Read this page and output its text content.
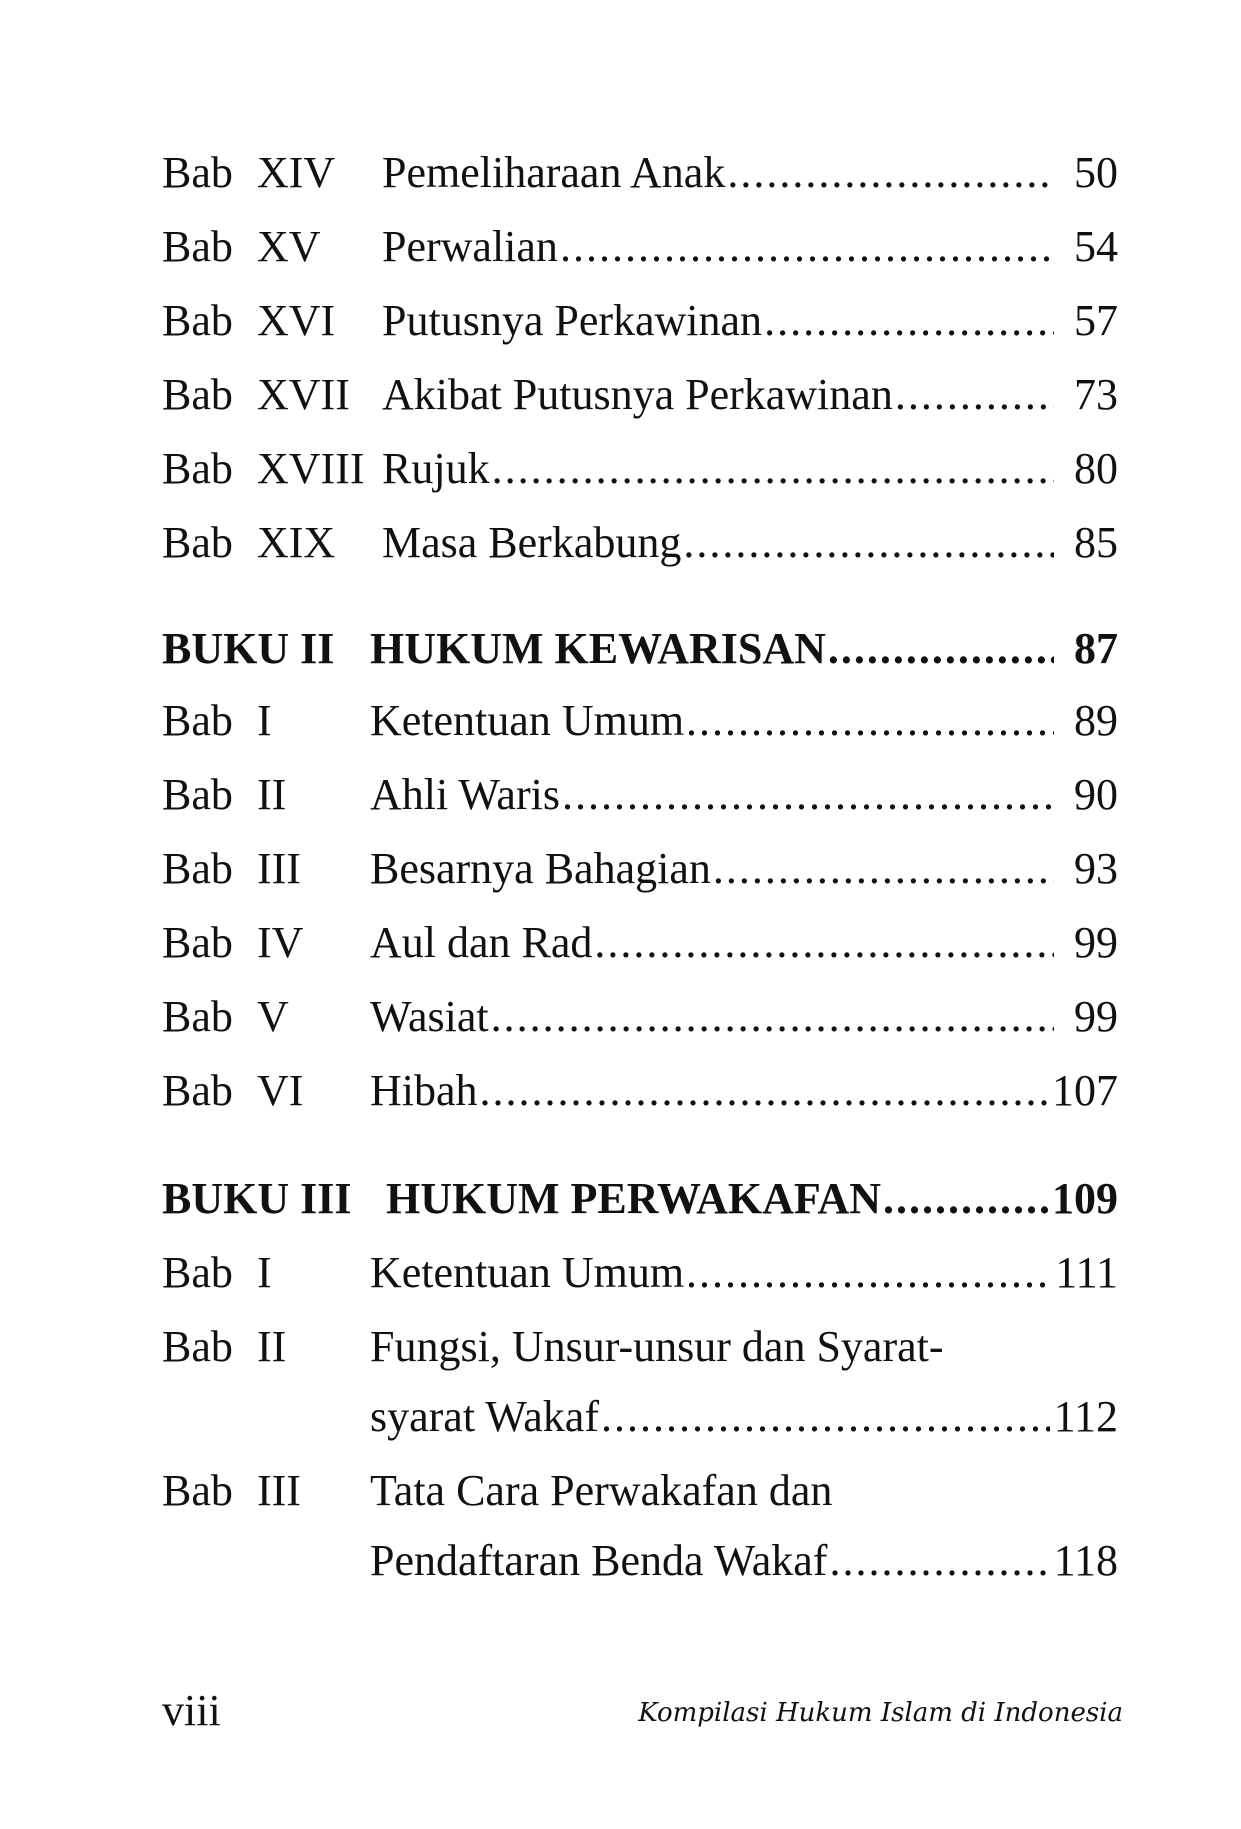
Bab XIV Pemeliharaan Anak .....	50
Bab XV Perwalian .....	54
Bab XVI Putusnya Perkawinan .....	57
Bab XVII Akibat Putusnya Perkawinan .....	73
Bab XVIII Rujuk .....	80
Bab XIX Masa Berkabung .....	85
BUKU II HUKUM KEWARISAN .....	87
Bab I Ketentuan Umum .....	89
Bab II Ahli Waris .....	90
Bab III Besarnya Bahagian .....	93
Bab IV Aul dan Rad .....	99
Bab V Wasiat .....	99
Bab VI Hibah .....	107
BUKU III HUKUM PERWAKAFAN .....	109
Bab I Ketentuan Umum .....	111
Bab II Fungsi, Unsur-unsur dan Syarat-
syarat Wakaf .....	112
Bab III Tata Cara Perwakafan dan
Pendaftaran Benda Wakaf .....	118
viii	Kompilasi Hukum Islam di Indonesia
